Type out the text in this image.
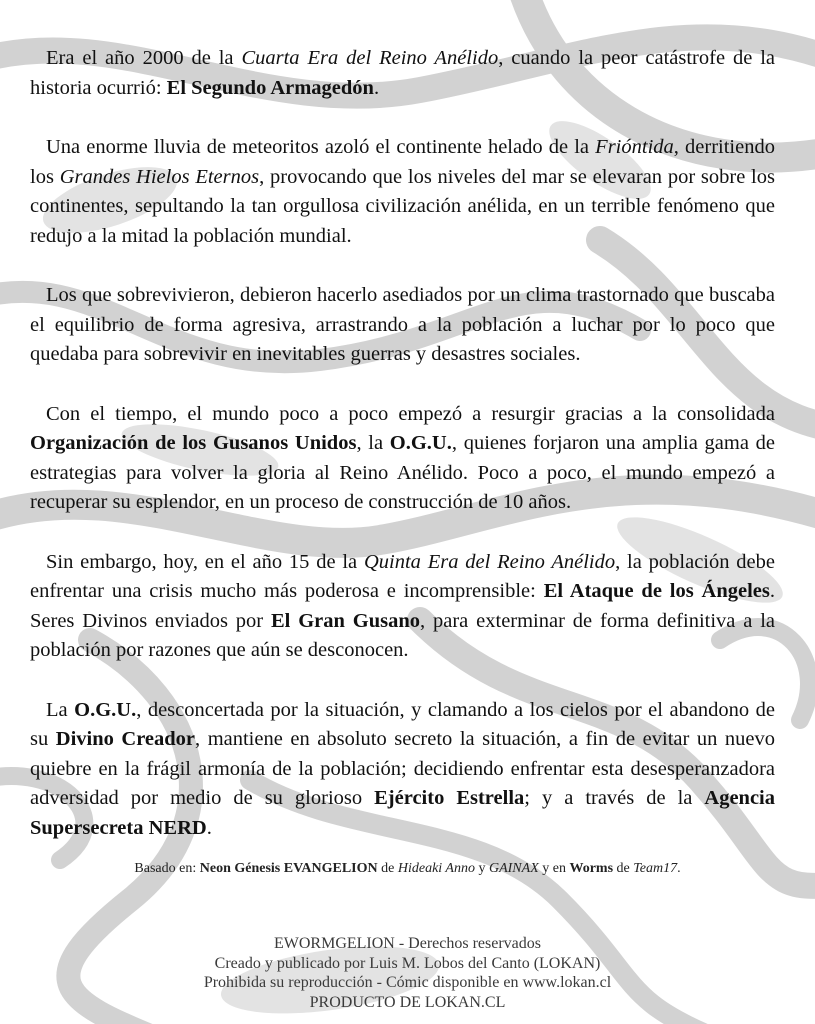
Era el año 2000 de la Cuarta Era del Reino Anélido, cuando la peor catástrofe de la historia ocurrió: El Segundo Armagedón.

Una enorme lluvia de meteoritos azoló el continente helado de la Frióntida, derritiendo los Grandes Hielos Eternos, provocando que los niveles del mar se elevaran por sobre los continentes, sepultando la tan orgullosa civilización anélida, en un terrible fenómeno que redujo a la mitad la población mundial.

Los que sobrevivieron, debieron hacerlo asediados por un clima trastornado que buscaba el equilibrio de forma agresiva, arrastrando a la población a luchar por lo poco que quedaba para sobrevivir en inevitables guerras y desastres sociales.

Con el tiempo, el mundo poco a poco empezó a resurgir gracias a la consolidada Organización de los Gusanos Unidos, la O.G.U., quienes forjaron una amplia gama de estrategias para volver la gloria al Reino Anélido. Poco a poco, el mundo empezó a recuperar su esplendor, en un proceso de construcción de 10 años.

Sin embargo, hoy, en el año 15 de la Quinta Era del Reino Anélido, la población debe enfrentar una crisis mucho más poderosa e incomprensible: El Ataque de los Ángeles. Seres Divinos enviados por El Gran Gusano, para exterminar de forma definitiva a la población por razones que aún se desconocen.

La O.G.U., desconcertada por la situación, y clamando a los cielos por el abandono de su Divino Creador, mantiene en absoluto secreto la situación, a fin de evitar un nuevo quiebre en la frágil armonía de la población; decidiendo enfrentar esta desesperanzadora adversidad por medio de su glorioso Ejército Estrella; y a través de la Agencia Supersecreta NERD.

Basado en: Neon Génesis EVANGELION de Hideaki Anno y GAINAX y en Worms de Team17.
EWORMGELION - Derechos reservados
Creado y publicado por Luis M. Lobos del Canto (LOKAN)
Prohibida su reproducción - Cómic disponible en www.lokan.cl
PRODUCTO DE LOKAN.CL
